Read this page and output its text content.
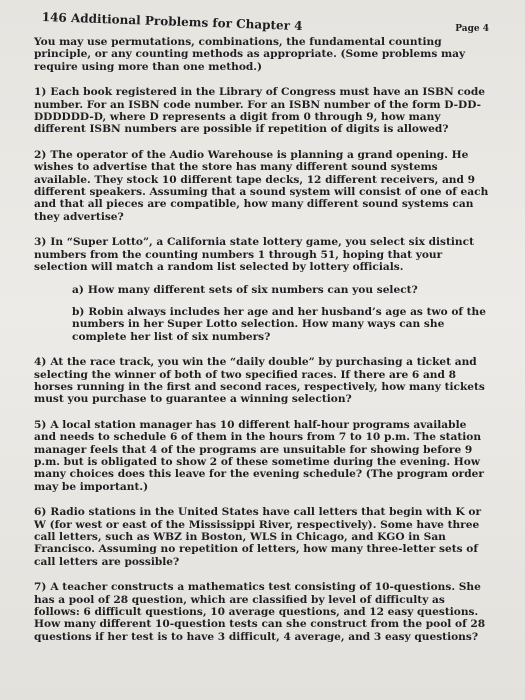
146 Additional Problems for Chapter 4	Page 4

You may use permutations, combinations, the fundamental counting principle, or any counting methods as appropriate. (Some problems may require using more than one method.)

1) Each book registered in the Library of Congress must have an ISBN code number. For an ISBN code number. For an ISBN number of the form D-DD-DDDDDD-D, where D represents a digit from 0 through 9, how many different ISBN numbers are possible if repetition of digits is allowed?

2) The operator of the Audio Warehouse is planning a grand opening. He wishes to advertise that the store has many different sound systems available. They stock 10 different tape decks, 12 different receivers, and 9 different speakers. Assuming that a sound system will consist of one of each and that all pieces are compatible, how many different sound systems can they advertise?

3) In “Super Lotto”, a California state lottery game, you select six distinct numbers from the counting numbers 1 through 51, hoping that your selection will match a random list selected by lottery officials.

a) How many different sets of six numbers can you select?

b) Robin always includes her age and her husband’s age as two of the numbers in her Super Lotto selection. How many ways can she complete her list of six numbers?

4) At the race track, you win the “daily double” by purchasing a ticket and selecting the winner of both of two specified races. If there are 6 and 8 horses running in the first and second races, respectively, how many tickets must you purchase to guarantee a winning selection?

5) A local station manager has 10 different half-hour programs available and needs to schedule 6 of them in the hours from 7 to 10 p.m. The station manager feels that 4 of the programs are unsuitable for showing before 9 p.m. but is obligated to show 2 of these sometime during the evening. How many choices does this leave for the evening schedule? (The program order may be important.)

6) Radio stations in the United States have call letters that begin with K or W (for west or east of the Mississippi River, respectively). Some have three call letters, such as WBZ in Boston, WLS in Chicago, and KGO in San Francisco. Assuming no repetition of letters, how many three-letter sets of call letters are possible?

7) A teacher constructs a mathematics test consisting of 10-questions. She has a pool of 28 question, which are classified by level of difficulty as follows: 6 difficult questions, 10 average questions, and 12 easy questions. How many different 10-question tests can she construct from the pool of 28 questions if her test is to have 3 difficult, 4 average, and 3 easy questions?
